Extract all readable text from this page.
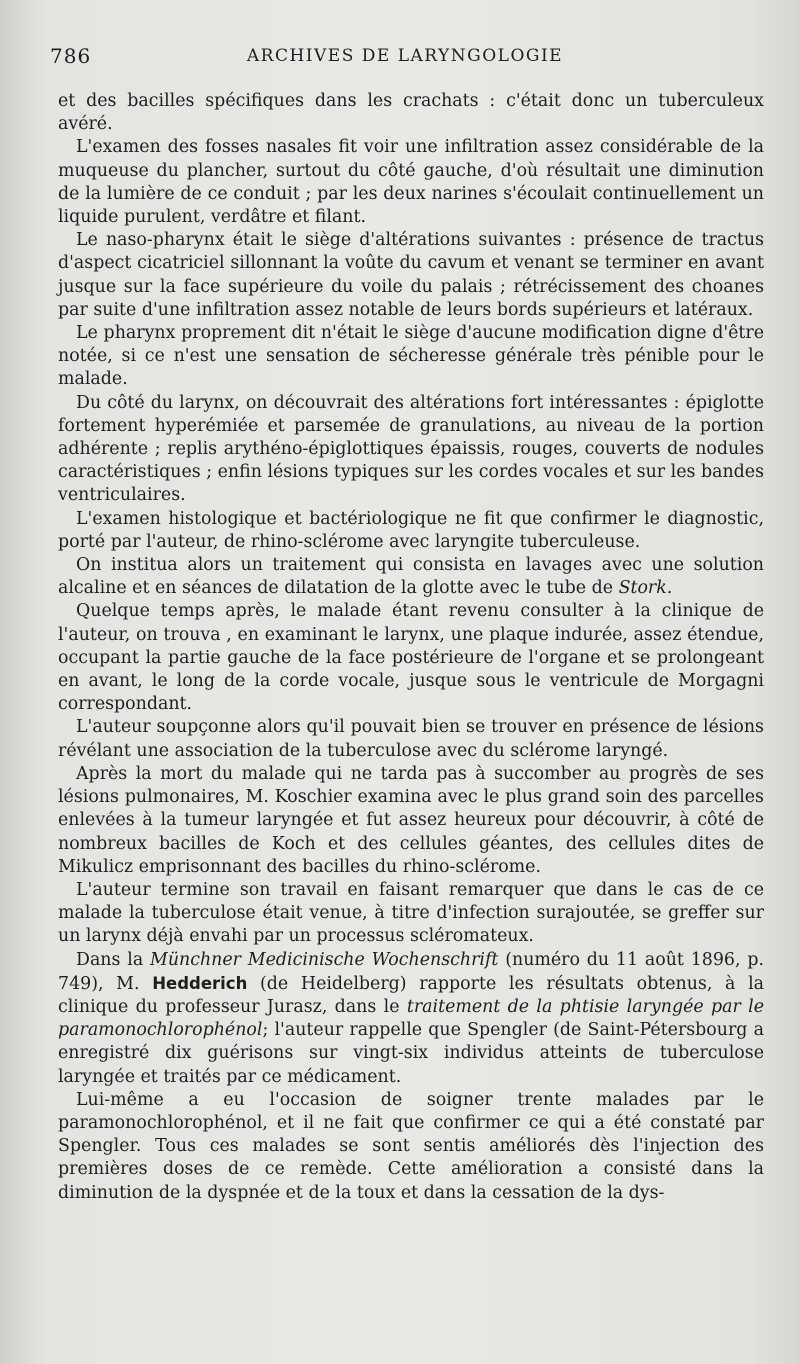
786	ARCHIVES DE LARYNGOLOGIE

et des bacilles spécifiques dans les crachats : c'était donc un tuberculeux avéré.

L'examen des fosses nasales fit voir une infiltration assez considérable de la muqueuse du plancher, surtout du côté gauche, d'où résultait une diminution de la lumière de ce conduit ; par les deux narines s'écoulait continuellement un liquide purulent, verdâtre et filant.

Le naso-pharynx était le siège d'altérations suivantes : présence de tractus d'aspect cicatriciel sillonnant la voûte du cavum et venant se terminer en avant jusque sur la face supérieure du voile du palais ; rétrécissement des choanes par suite d'une infiltration assez notable de leurs bords supérieurs et latéraux.

Le pharynx proprement dit n'était le siège d'aucune modification digne d'être notée, si ce n'est une sensation de sécheresse générale très pénible pour le malade.

Du côté du larynx, on découvrait des altérations fort intéressantes : épiglotte fortement hyperémiée et parsemée de granulations, au niveau de la portion adhérente ; replis arythéno-épiglottiques épaissis, rouges, couverts de nodules caractéristiques ; enfin lésions typiques sur les cordes vocales et sur les bandes ventriculaires.

L'examen histologique et bactériologique ne fit que confirmer le diagnostic, porté par l'auteur, de rhino-sclérome avec laryngite tuberculeuse.

On institua alors un traitement qui consista en lavages avec une solution alcaline et en séances de dilatation de la glotte avec le tube de Stork.

Quelque temps après, le malade étant revenu consulter à la clinique de l'auteur, on trouva , en examinant le larynx, une plaque indurée, assez étendue, occupant la partie gauche de la face postérieure de l'organe et se prolongeant en avant, le long de la corde vocale, jusque sous le ventricule de Morgagni correspondant.

L'auteur soupçonne alors qu'il pouvait bien se trouver en présence de lésions révélant une association de la tuberculose avec du sclérome laryngé.

Après la mort du malade qui ne tarda pas à succomber au progrès de ses lésions pulmonaires, M. Koschier examina avec le plus grand soin des parcelles enlevées à la tumeur laryngée et fut assez heureux pour découvrir, à côté de nombreux bacilles de Koch et des cellules géantes, des cellules dites de Mikulicz emprisonnant des bacilles du rhino-sclérome.

L'auteur termine son travail en faisant remarquer que dans le cas de ce malade la tuberculose était venue, à titre d'infection surajoutée, se greffer sur un larynx déjà envahi par un processus scléromateux.

Dans la Münchner Medicinische Wochenschrift (numéro du 11 août 1896, p. 749), M. Hedderich (de Heidelberg) rapporte les résultats obtenus, à la clinique du professeur Jurasz, dans le traitement de la phtisie laryngée par le paramonochlorophénol; l'auteur rappelle que Spengler (de Saint-Pétersbourg a enregistré dix guérisons sur vingt-six individus atteints de tuberculose laryngée et traités par ce médicament.

Lui-même a eu l'occasion de soigner trente malades par le paramonochlorophénol, et il ne fait que confirmer ce qui a été constaté par Spengler. Tous ces malades se sont sentis améliorés dès l'injection des premières doses de ce remède. Cette amélioration a consisté dans la diminution de la dyspnée et de la toux et dans la cessation de la dys-
